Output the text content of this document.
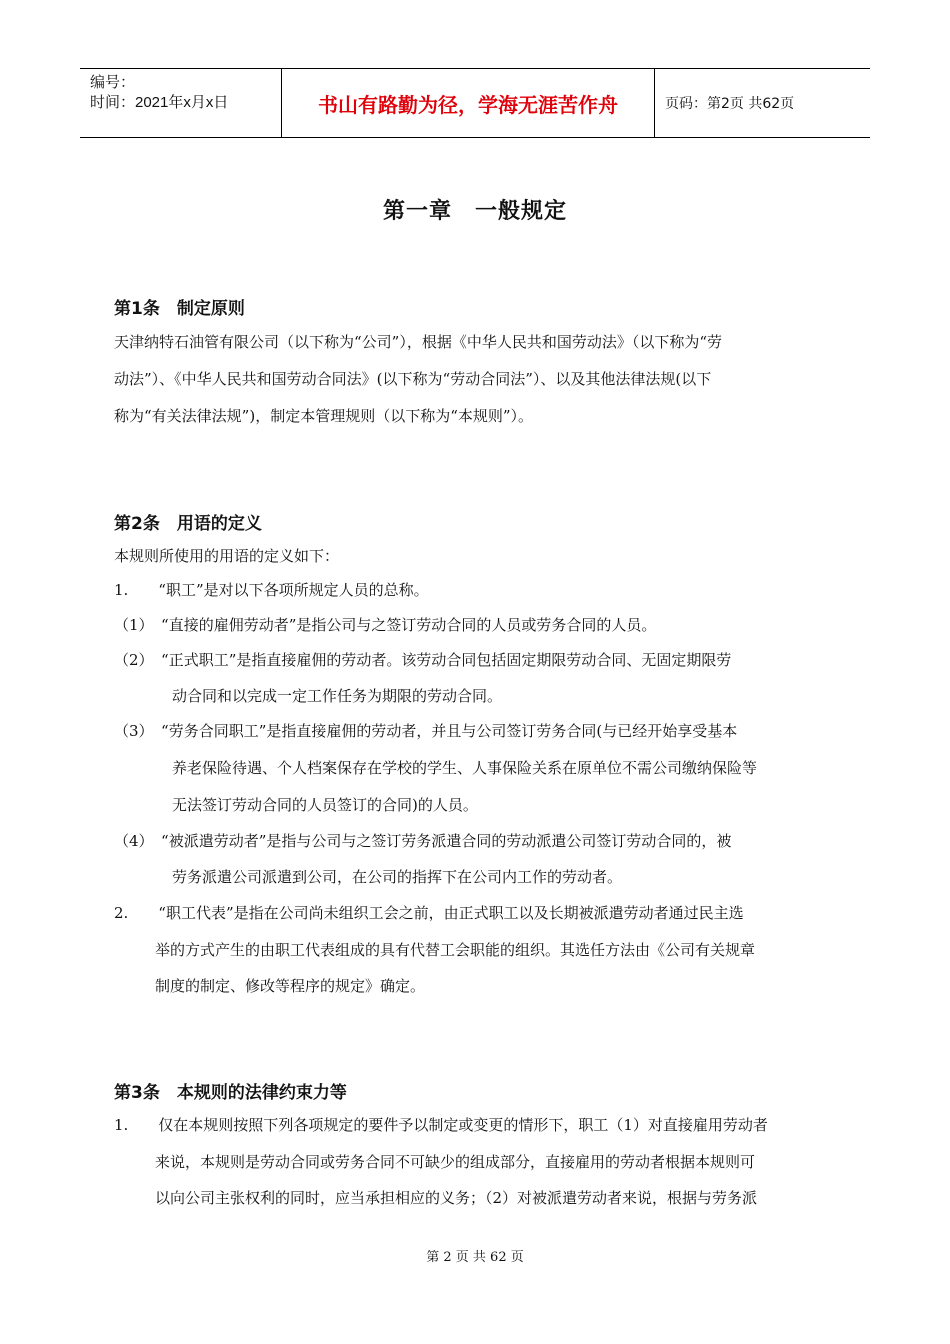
编号：
时间：2021年x月x日	书山有路勤为径，学海无涯苦作舟	页码：第2页 共62页
第一章　一般规定
第1条　制定原则
天津纳特石油管有限公司（以下称为“公司”），根据《中华人民共和国劳动法》（以下称为“劳
动法”）、《中华人民共和国劳动合同法》(以下称为“劳动合同法”）、以及其他法律法规(以下
称为“有关法律法规”)，制定本管理规则（以下称为“本规则”）。
第2条　用语的定义
本规则所使用的用语的定义如下：
1.　　“职工”是对以下各项所规定人员的总称。
（1）　“直接的雇佣劳动者”是指公司与之签订劳动合同的人员或劳务合同的人员。
（2）　“正式职工”是指直接雇佣的劳动者。该劳动合同包括固定期限劳动合同、无固定期限劳
动合同和以完成一定工作任务为期限的劳动合同。
（3）　“劳务合同职工”是指直接雇佣的劳动者，并且与公司签订劳务合同(与已经开始享受基本
养老保险待遇、个人档案保存在学校的学生、人事保险关系在原单位不需公司缴纳保险等
无法签订劳动合同的人员签订的合同)的人员。
（4）　“被派遣劳动者”是指与公司与之签订劳务派遣合同的劳动派遣公司签订劳动合同的，被
劳务派遣公司派遣到公司，在公司的指挥下在公司内工作的劳动者。
2.　　“职工代表”是指在公司尚未组织工会之前，由正式职工以及长期被派遣劳动者通过民主选
举的方式产生的由职工代表组成的具有代替工会职能的组织。其选任方法由《公司有关规章
制度的制定、修改等程序的规定》确定。
第3条　本规则的法律约束力等
1.　　仅在本规则按照下列各项规定的要件予以制定或变更的情形下，职工（1）对直接雇用劳动者
来说，本规则是劳动合同或劳务合同不可缺少的组成部分，直接雇用的劳动者根据本规则可
以向公司主张权利的同时，应当承担相应的义务；（2）对被派遣劳动者来说，根据与劳务派
第 2 页 共 62 页
